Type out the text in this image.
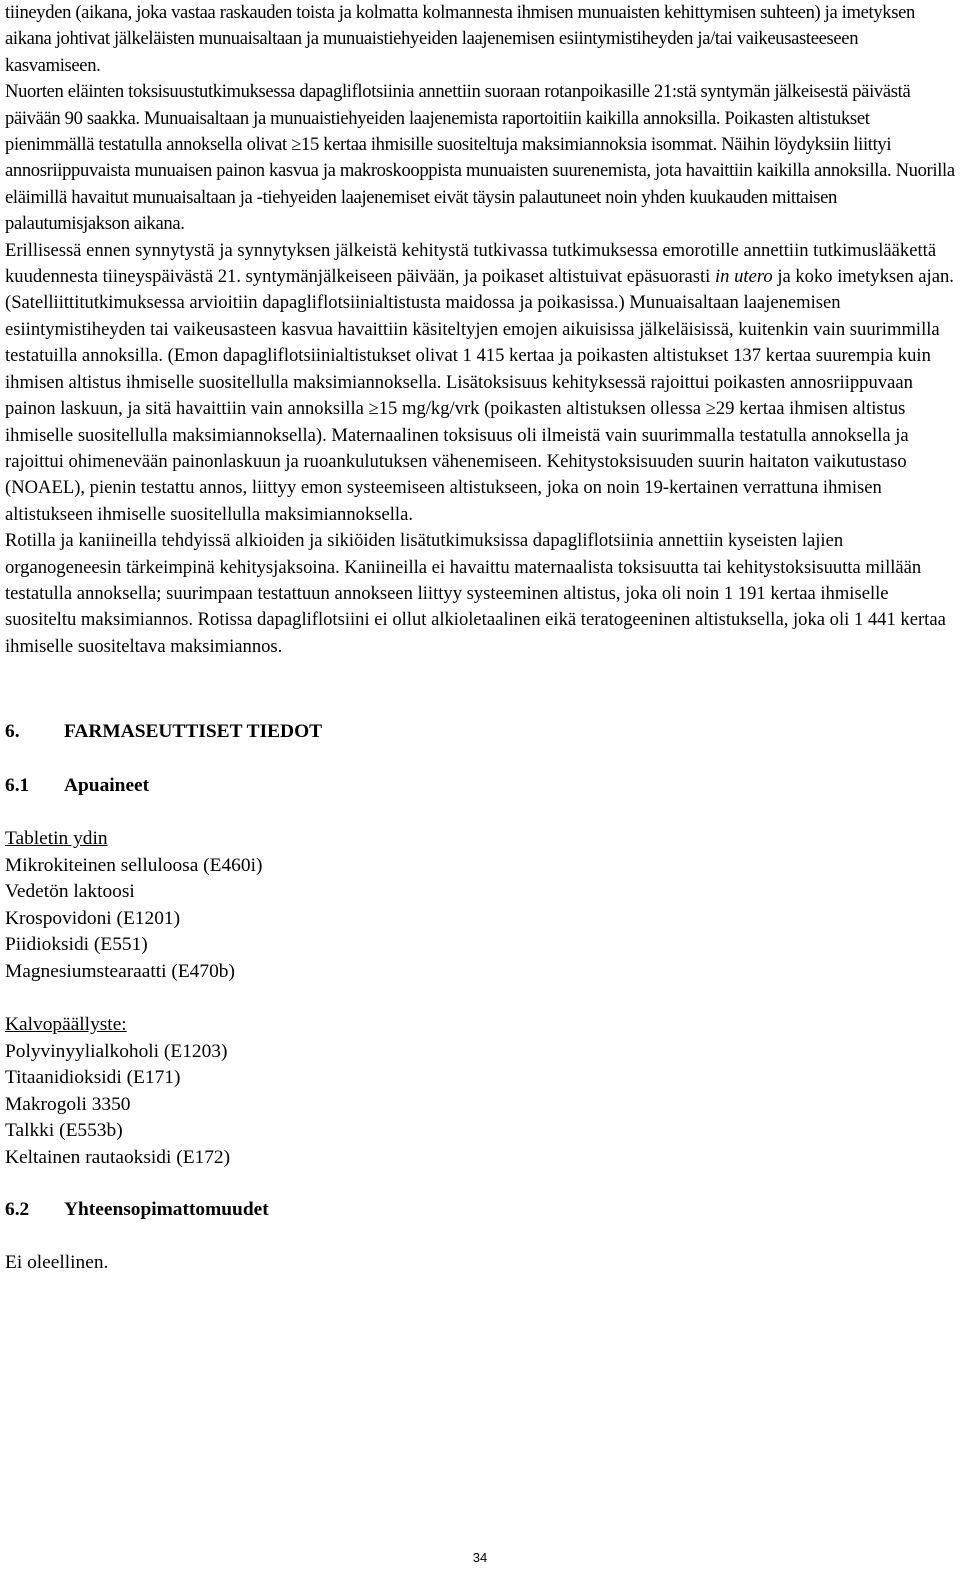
tiineyden (aikana, joka vastaa raskauden toista ja kolmatta kolmannesta ihmisen munuaisten kehittymisen suhteen) ja imetyksen aikana johtivat jälkeläisten munuaisaltaan ja munuaistiehyeiden laajenemisen esiintymistiheyden ja/tai vaikeusasteeseen kasvamiseen.

Nuorten eläinten toksisuustutkimuksessa dapagliflotsiinia annettiin suoraan rotanpoikasille 21:stä syntymän jälkeisestä päivästä päivään 90 saakka. Munuaisaltaan ja munuaistiehyeiden laajenemista raportoitiin kaikilla annoksilla. Poikasten altistukset pienimmällä testatulla annoksella olivat ≥15 kertaa ihmisille suositeltuja maksimiannoksia isommat. Näihin löydyksiin liittyi annosriippuvaista munuaisen painon kasvua ja makroskooppista munuaisten suurenemista, jota havaittiin kaikilla annoksilla. Nuorilla eläimillä havaitut munuaisaltaan ja -tiehyeiden laajenemiset eivät täysin palautuneet noin yhden kuukauden mittaisen palautumisjakson aikana.

Erillisessä ennen synnytystä ja synnytyksen jälkeistä kehitystä tutkivassa tutkimuksessa emorotille annettiin tutkimuslääkettä kuudennesta tiineyspäivästä 21. syntymänjälkeiseen päivään, ja poikaset altistuivat epäsuorasti in utero ja koko imetyksen ajan. (Satelliittitutkimuksessa arvioitiin dapagliflotsiinialtistusta maidossa ja poikasissa.) Munuaisaltaan laajenemisen esiintymistiheyden tai vaikeusasteen kasvua havaittiin käsiteltyjen emojen aikuisissa jälkeläisissä, kuitenkin vain suurimmilla testatuilla annoksilla. (Emon dapagliflotsiinialtistukset olivat 1 415 kertaa ja poikasten altistukset 137 kertaa suurempia kuin ihmisen altistus ihmiselle suositellulla maksimiannoksella. Lisätoksisuus kehityksessä rajoittui poikasten annosriippuvaan painon laskuun, ja sitä havaittiin vain annoksilla ≥15 mg/kg/vrk (poikasten altistuksen ollessa ≥29 kertaa ihmisen altistus ihmiselle suositellulla maksimiannoksella). Maternaalinen toksisuus oli ilmeistä vain suurimmalla testatulla annoksella ja rajoittui ohimenevään painonlaskuun ja ruoankulutuksen vähenemiseen. Kehitystoksisuuden suurin haitaton vaikutustaso (NOAEL), pienin testattu annos, liittyy emon systeemiseen altistukseen, joka on noin 19-kertainen verrattuna ihmisen altistukseen ihmiselle suositellulla maksimiannoksella.

Rotilla ja kaniineilla tehdyissä alkioiden ja sikiöiden lisätutkimuksissa dapagliflotsiinia annettiin kyseisten lajien organogeneesin tärkeimpinä kehitysjaksoina. Kaniineilla ei havaittu maternaalista toksisuutta tai kehitystoksisuutta millään testatulla annoksella; suurimpaan testattuun annokseen liittyy systeeminen altistus, joka oli noin 1 191 kertaa ihmiselle suositeltu maksimiannos. Rotissa dapagliflotsiini ei ollut alkioletaalinen eikä teratogeeninen altistuksella, joka oli 1 441 kertaa ihmiselle suositeltava maksimiannos.

6.	FARMASEUTTISET TIEDOT
6.1	Apuaineet
Tabletin ydin
Mikrokiteinen selluloosa (E460i)
Vedetön laktoosi
Krospovidoni (E1201)
Piidioksidi (E551)
Magnesiumstearaatti (E470b)
Kalvopäällyste:
Polyvinyylialkoholi (E1203)
Titaanidioksidi (E171)
Makrogoli 3350
Talkki (E553b)
Keltainen rautaoksidi (E172)
6.2	Yhteensopimattomuudet

Ei oleellinen.

34
